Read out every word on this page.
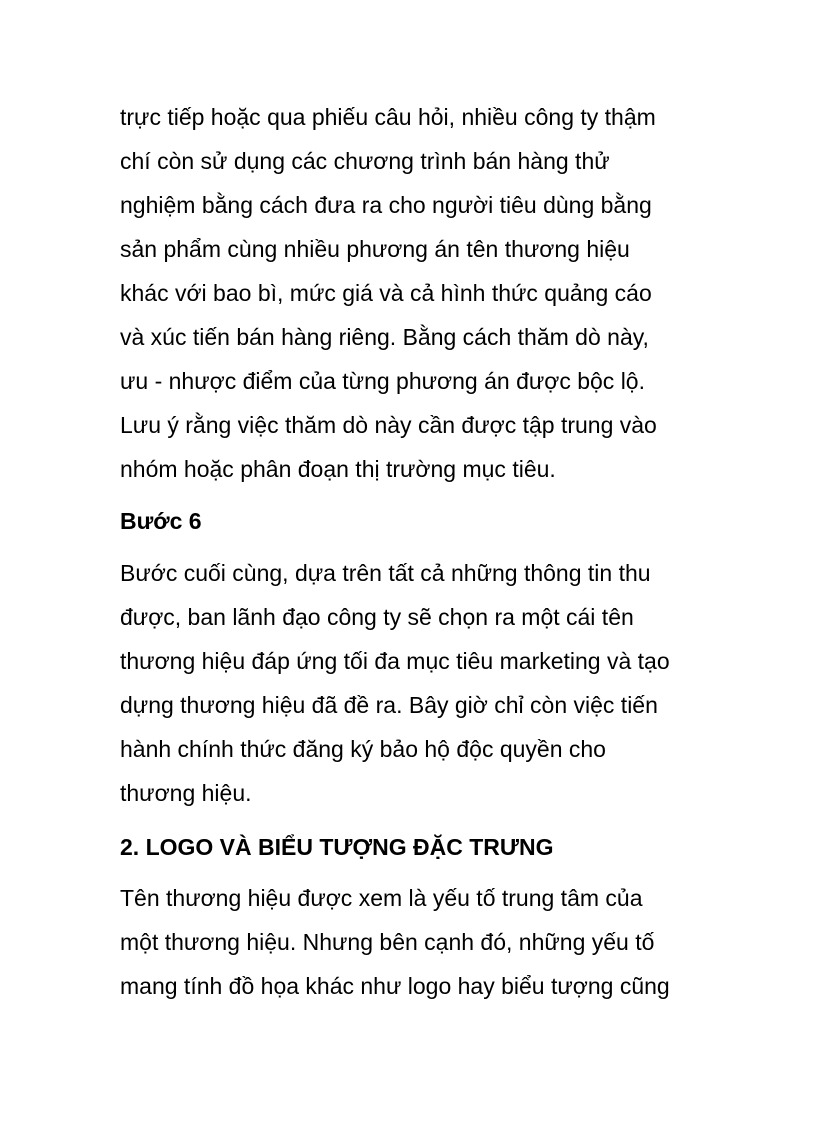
trực tiếp hoặc qua phiếu câu hỏi, nhiều công ty thậm
chí còn sử dụng các chương trình bán hàng thử
nghiệm bằng cách đưa ra cho người tiêu dùng bằng
sản phẩm cùng nhiều phương án tên thương hiệu
khác với bao bì, mức giá và cả hình thức quảng cáo
và xúc tiến bán hàng riêng. Bằng cách thăm dò này,
ưu - nhược điểm của từng phương án được bộc lộ.
Lưu ý rằng việc thăm dò này cần được tập trung vào
nhóm hoặc phân đoạn thị trường mục tiêu.
Bước 6
Bước cuối cùng, dựa trên tất cả những thông tin thu
được, ban lãnh đạo công ty sẽ chọn ra một cái tên
thương hiệu đáp ứng tối đa mục tiêu marketing và tạo
dựng thương hiệu đã đề ra. Bây giờ chỉ còn việc tiến
hành chính thức đăng ký bảo hộ độc quyền cho
thương hiệu.
2. LOGO VÀ BIỂU TƯỢNG ĐẶC TRƯNG
Tên thương hiệu được xem là yếu tố trung tâm của
một thương hiệu. Nhưng bên cạnh đó, những yếu tố
mang tính đồ họa khác như logo hay biểu tượng cũng
